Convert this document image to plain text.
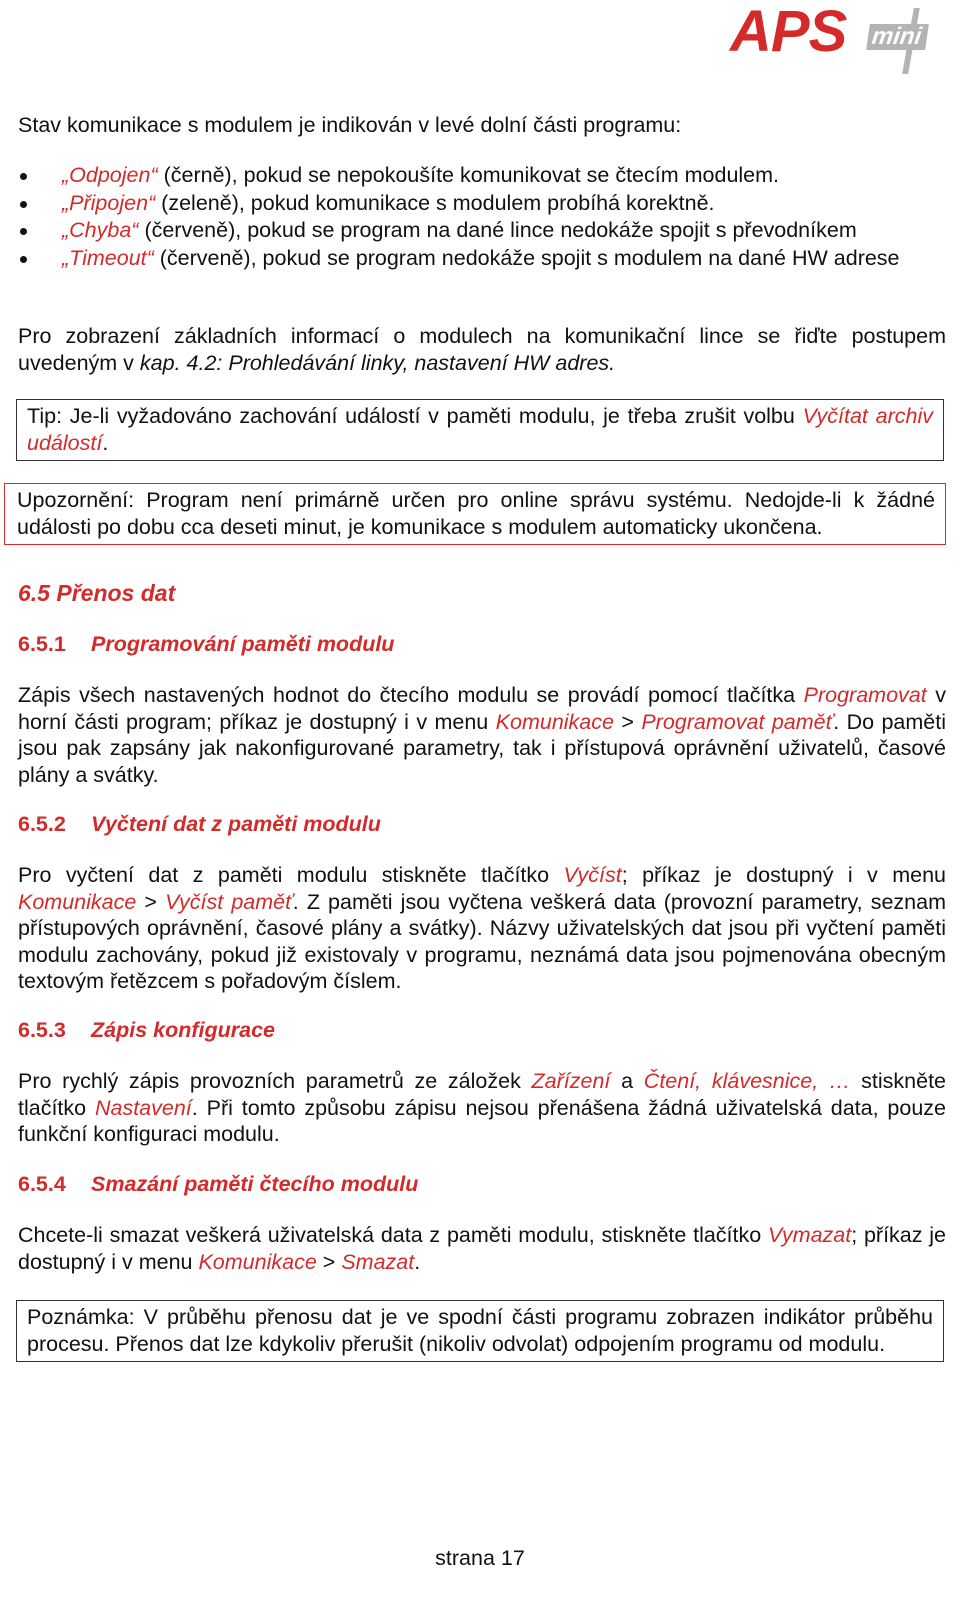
APS mini

Stav komunikace s modulem je indikován v levé dolní části programu:

„Odpojen“ (černě), pokud se nepokoušíte komunikovat se čtecím modulem.
„Připojen“ (zeleně), pokud komunikace s modulem probíhá korektně.
„Chyba“ (červeně), pokud se program na dané lince nedokáže spojit s převodníkem
„Timeout“ (červeně), pokud se program nedokáže spojit s modulem na dané HW adrese

Pro zobrazení základních informací o modulech na komunikační lince se řiďte postupem uvedeným v kap. 4.2: Prohledávání linky, nastavení HW adres.

Tip: Je-li vyžadováno zachování událostí v paměti modulu, je třeba zrušit volbu Vyčítat archiv událostí.
Upozornění: Program není primárně určen pro online správu systému. Nedojde-li k žádné události po dobu cca deseti minut, je komunikace s modulem automaticky ukončena.
6.5 Přenos dat
6.5.1 Programování paměti modulu

Zápis všech nastavených hodnot do čtecího modulu se provádí pomocí tlačítka Programovat v horní části program; příkaz je dostupný i v menu Komunikace > Programovat paměť. Do paměti jsou pak zapsány jak nakonfigurované parametry, tak i přístupová oprávnění uživatelů, časové plány a svátky.

6.5.2 Vyčtení dat z paměti modulu

Pro vyčtení dat z paměti modulu stiskněte tlačítko Vyčíst; příkaz je dostupný i v menu Komunikace > Vyčíst paměť. Z paměti jsou vyčtena veškerá data (provozní parametry, seznam přístupových oprávnění, časové plány a svátky). Názvy uživatelských dat jsou při vyčtení paměti modulu zachovány, pokud již existovaly v programu, neznámá data jsou pojmenována obecným textovým řetězcem s pořadovým číslem.

6.5.3 Zápis konfigurace

Pro rychlý zápis provozních parametrů ze záložek Zařízení a Čtení, klávesnice, … stiskněte tlačítko Nastavení. Při tomto způsobu zápisu nejsou přenášena žádná uživatelská data, pouze funkční konfiguraci modulu.

6.5.4 Smazání paměti čtecího modulu

Chcete-li smazat veškerá uživatelská data z paměti modulu, stiskněte tlačítko Vymazat; příkaz je dostupný i v menu Komunikace > Smazat.

Poznámka: V průběhu přenosu dat je ve spodní části programu zobrazen indikátor průběhu procesu. Přenos dat lze kdykoliv přerušit (nikoliv odvolat) odpojením programu od modulu.
strana 17
